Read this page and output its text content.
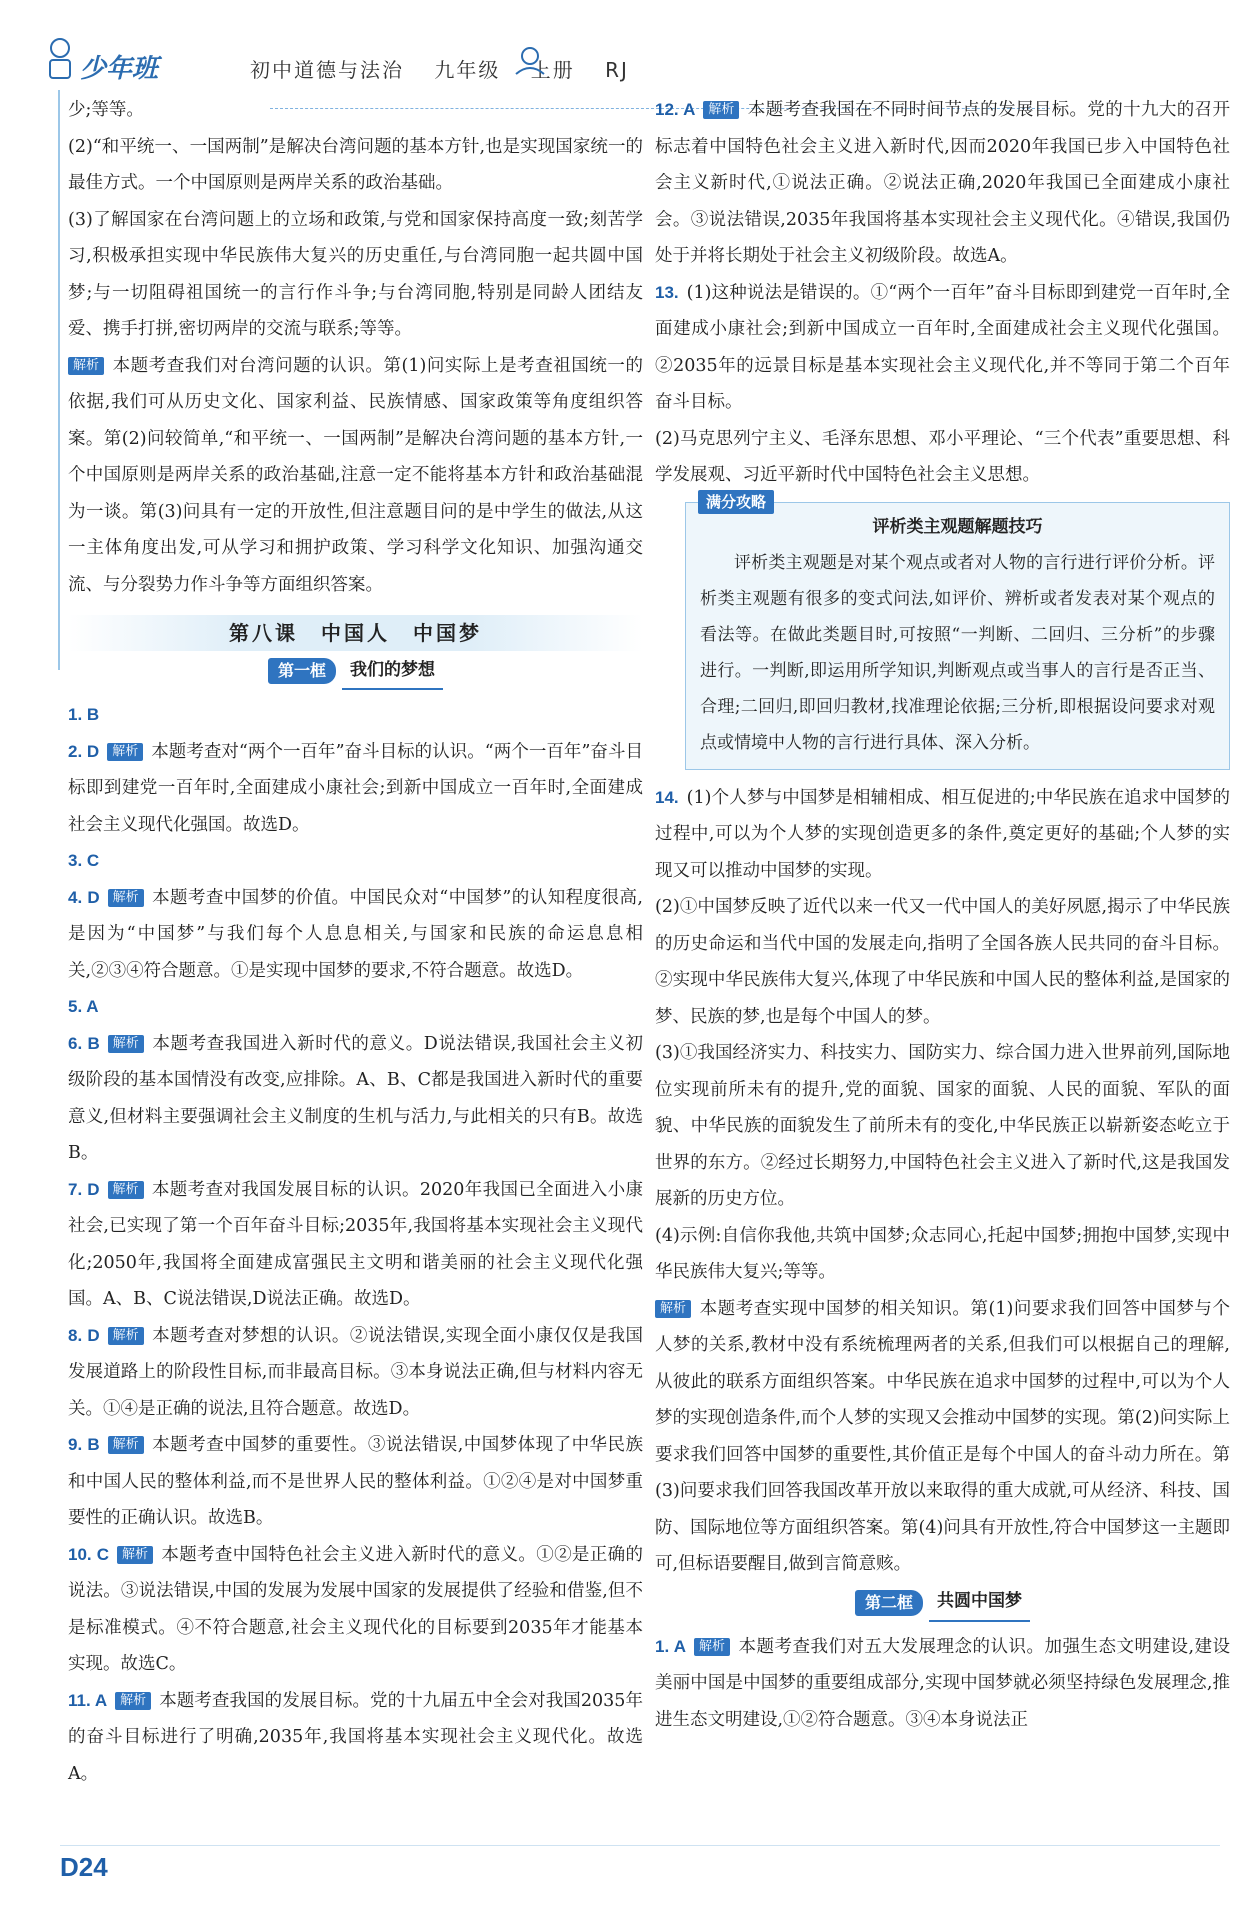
少年班	初中道德与法治 九年级 上册 RJ

少;等等。

(2)“和平统一、一国两制”是解决台湾问题的基本方针,也是实现国家统一的最佳方式。一个中国原则是两岸关系的政治基础。

(3)了解国家在台湾问题上的立场和政策,与党和国家保持高度一致;刻苦学习,积极承担实现中华民族伟大复兴的历史重任,与台湾同胞一起共圆中国梦;与一切阻碍祖国统一的言行作斗争;与台湾同胞,特别是同龄人团结友爱、携手打拼,密切两岸的交流与联系;等等。

解析 本题考查我们对台湾问题的认识。第(1)问实际上是考查祖国统一的依据,我们可从历史文化、国家利益、民族情感、国家政策等角度组织答案。第(2)问较简单,“和平统一、一国两制”是解决台湾问题的基本方针,一个中国原则是两岸关系的政治基础,注意一定不能将基本方针和政治基础混为一谈。第(3)问具有一定的开放性,但注意题目问的是中学生的做法,从这一主体角度出发,可从学习和拥护政策、学习科学文化知识、加强沟通交流、与分裂势力作斗争等方面组织答案。

第八课　中国人　中国梦
第一框	我们的梦想

1. B

2. D 解析 本题考查对“两个一百年”奋斗目标的认识。“两个一百年”奋斗目标即到建党一百年时,全面建成小康社会;到新中国成立一百年时,全面建成社会主义现代化强国。故选D。

3. C

4. D 解析 本题考查中国梦的价值。中国民众对“中国梦”的认知程度很高,是因为“中国梦”与我们每个人息息相关,与国家和民族的命运息息相关,②③④符合题意。①是实现中国梦的要求,不符合题意。故选D。

5. A

6. B 解析 本题考查我国进入新时代的意义。D说法错误,我国社会主义初级阶段的基本国情没有改变,应排除。A、B、C都是我国进入新时代的重要意义,但材料主要强调社会主义制度的生机与活力,与此相关的只有B。故选B。

7. D 解析 本题考查对我国发展目标的认识。2020年我国已全面进入小康社会,已实现了第一个百年奋斗目标;2035年,我国将基本实现社会主义现代化;2050年,我国将全面建成富强民主文明和谐美丽的社会主义现代化强国。A、B、C说法错误,D说法正确。故选D。

8. D 解析 本题考查对梦想的认识。②说法错误,实现全面小康仅仅是我国发展道路上的阶段性目标,而非最高目标。③本身说法正确,但与材料内容无关。①④是正确的说法,且符合题意。故选D。

9. B 解析 本题考查中国梦的重要性。③说法错误,中国梦体现了中华民族和中国人民的整体利益,而不是世界人民的整体利益。①②④是对中国梦重要性的正确认识。故选B。

10. C 解析 本题考查中国特色社会主义进入新时代的意义。①②是正确的说法。③说法错误,中国的发展为发展中国家的发展提供了经验和借鉴,但不是标准模式。④不符合题意,社会主义现代化的目标要到2035年才能基本实现。故选C。

11. A 解析 本题考查我国的发展目标。党的十九届五中全会对我国2035年的奋斗目标进行了明确,2035年,我国将基本实现社会主义现代化。故选A。

12. A 解析 本题考查我国在不同时间节点的发展目标。党的十九大的召开标志着中国特色社会主义进入新时代,因而2020年我国已步入中国特色社会主义新时代,①说法正确。②说法正确,2020年我国已全面建成小康社会。③说法错误,2035年我国将基本实现社会主义现代化。④错误,我国仍处于并将长期处于社会主义初级阶段。故选A。

13. (1)这种说法是错误的。①“两个一百年”奋斗目标即到建党一百年时,全面建成小康社会;到新中国成立一百年时,全面建成社会主义现代化强国。②2035年的远景目标是基本实现社会主义现代化,并不等同于第二个百年奋斗目标。

(2)马克思列宁主义、毛泽东思想、邓小平理论、“三个代表”重要思想、科学发展观、习近平新时代中国特色社会主义思想。

满分攻略
评析类主观题解题技巧
评析类主观题是对某个观点或者对人物的言行进行评价分析。评析类主观题有很多的变式问法,如评价、辨析或者发表对某个观点的看法等。在做此类题目时,可按照“一判断、二回归、三分析”的步骤进行。一判断,即运用所学知识,判断观点或当事人的言行是否正当、合理;二回归,即回归教材,找准理论依据;三分析,即根据设问要求对观点或情境中人物的言行进行具体、深入分析。

14. (1)个人梦与中国梦是相辅相成、相互促进的;中华民族在追求中国梦的过程中,可以为个人梦的实现创造更多的条件,奠定更好的基础;个人梦的实现又可以推动中国梦的实现。

(2)①中国梦反映了近代以来一代又一代中国人的美好夙愿,揭示了中华民族的历史命运和当代中国的发展走向,指明了全国各族人民共同的奋斗目标。②实现中华民族伟大复兴,体现了中华民族和中国人民的整体利益,是国家的梦、民族的梦,也是每个中国人的梦。

(3)①我国经济实力、科技实力、国防实力、综合国力进入世界前列,国际地位实现前所未有的提升,党的面貌、国家的面貌、人民的面貌、军队的面貌、中华民族的面貌发生了前所未有的变化,中华民族正以崭新姿态屹立于世界的东方。②经过长期努力,中国特色社会主义进入了新时代,这是我国发展新的历史方位。

(4)示例:自信你我他,共筑中国梦;众志同心,托起中国梦;拥抱中国梦,实现中华民族伟大复兴;等等。

解析 本题考查实现中国梦的相关知识。第(1)问要求我们回答中国梦与个人梦的关系,教材中没有系统梳理两者的关系,但我们可以根据自己的理解,从彼此的联系方面组织答案。中华民族在追求中国梦的过程中,可以为个人梦的实现创造条件,而个人梦的实现又会推动中国梦的实现。第(2)问实际上要求我们回答中国梦的重要性,其价值正是每个中国人的奋斗动力所在。第(3)问要求我们回答我国改革开放以来取得的重大成就,可从经济、科技、国防、国际地位等方面组织答案。第(4)问具有开放性,符合中国梦这一主题即可,但标语要醒目,做到言简意赅。

第二框	共圆中国梦

1. A 解析 本题考查我们对五大发展理念的认识。加强生态文明建设,建设美丽中国是中国梦的重要组成部分,实现中国梦就必须坚持绿色发展理念,推进生态文明建设,①②符合题意。③④本身说法正

D24
